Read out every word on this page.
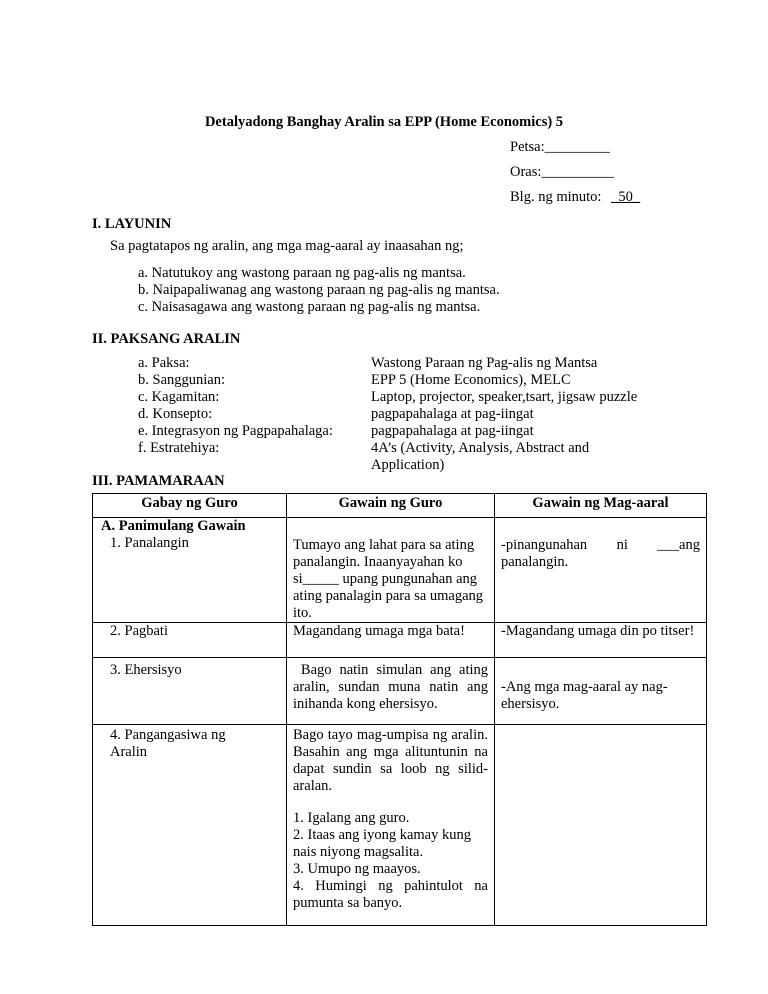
Detalyadong Banghay Aralin sa EPP (Home Economics) 5
Petsa:_________
Oras:__________
Blg. ng minuto: _50_
I. LAYUNIN
Sa pagtatapos ng aralin, ang mga mag-aaral ay inaasahan ng;
a. Natutukoy ang wastong paraan ng pag-alis ng mantsa.
b. Naipapaliwanag ang wastong paraan ng pag-alis ng mantsa.
c. Naisasagawa ang wastong paraan ng pag-alis ng mantsa.
II. PAKSANG ARALIN
a. Paksa:	Wastong Paraan ng Pag-alis ng Mantsa
b. Sanggunian:	EPP 5 (Home Economics), MELC
c. Kagamitan:	Laptop, projector, speaker,tsart, jigsaw puzzle
d. Konsepto:	pagpapahalaga at pag-iingat
e. Integrasyon ng Pagpapahalaga:	pagpapahalaga at pag-iingat
f. Estratehiya:	4A’s (Activity, Analysis, Abstract and
Application)
III. PAMAMARAAN
Gabay ng Guro	Gawain ng Guro	Gawain ng Mag-aaral

A. Panimulang Gawain
1. Panalangin	Tumayo ang lahat para sa ating panalangin. Inaanyayahan ko si_____ upang pungunahan ang ating panalagin para sa umagang ito.	-pinangunahan ni ___ang panalangin.

2. Pagbati	Magandang umaga mga bata!	-Magandang umaga din po titser!

3. Ehersisyo	Bago natin simulan ang ating aralin, sundan muna natin ang inihanda kong ehersisyo.	-Ang mga mag-aaral ay nag-ehersisyo.

4. Pangangasiwa ng Aralin	Bago tayo mag-umpisa ng aralin. Basahin ang mga alituntunin na dapat sundin sa loob ng silid-aralan.
1. Igalang ang guro.
2. Itaas ang iyong kamay kung nais niyong magsalita.
3. Umupo ng maayos.
4. Humingi ng pahintulot na pumunta sa banyo.	
